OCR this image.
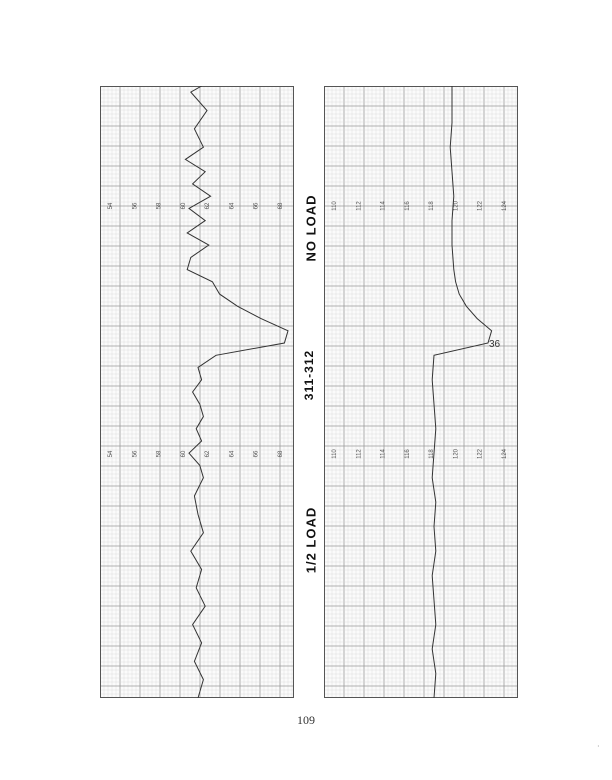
54	56	58	60	62	64	66	68
54	56	58	60	62	64	66	68
110	112	114	116	118	120	122	124
110	112	114	116	118	120	122	124
NO LOAD
311-312
1/2 LOAD
36
109
·
